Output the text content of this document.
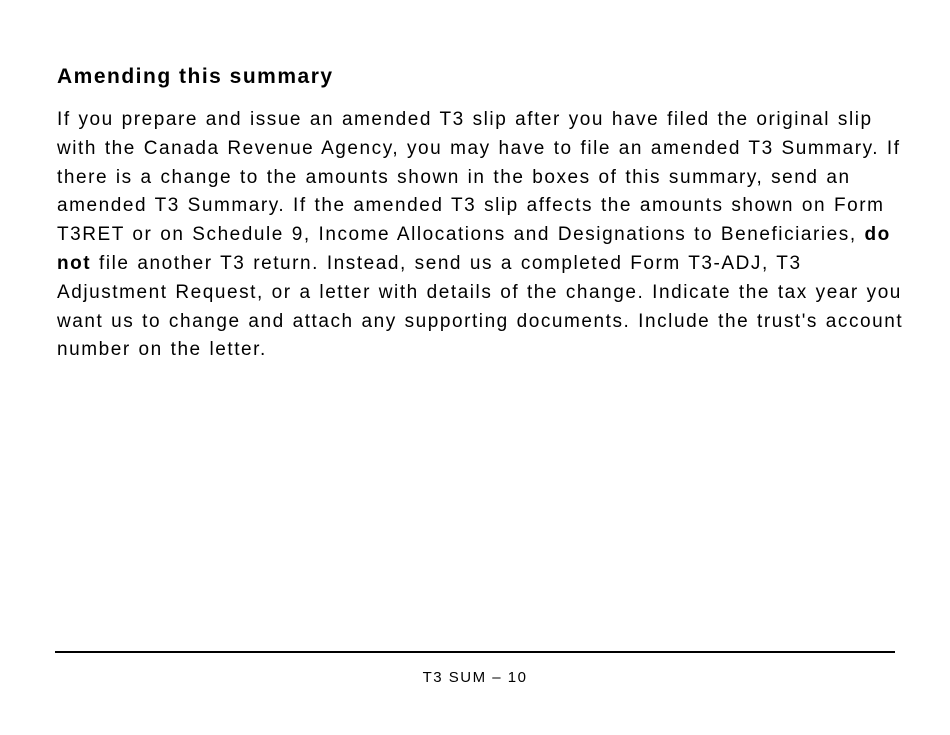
Amending this summary

If you prepare and issue an amended T3 slip after you have filed the original slip with the Canada Revenue Agency, you may have to file an amended T3 Summary. If there is a change to the amounts shown in the boxes of this summary, send an amended T3 Summary. If the amended T3 slip affects the amounts shown on Form T3RET or on Schedule 9, Income Allocations and Designations to Beneficiaries, do not file another T3 return. Instead, send us a completed Form T3-ADJ, T3 Adjustment Request, or a letter with details of the change. Indicate the tax year you want us to change and attach any supporting documents. Include the trust's account number on the letter.

T3 SUM – 10
